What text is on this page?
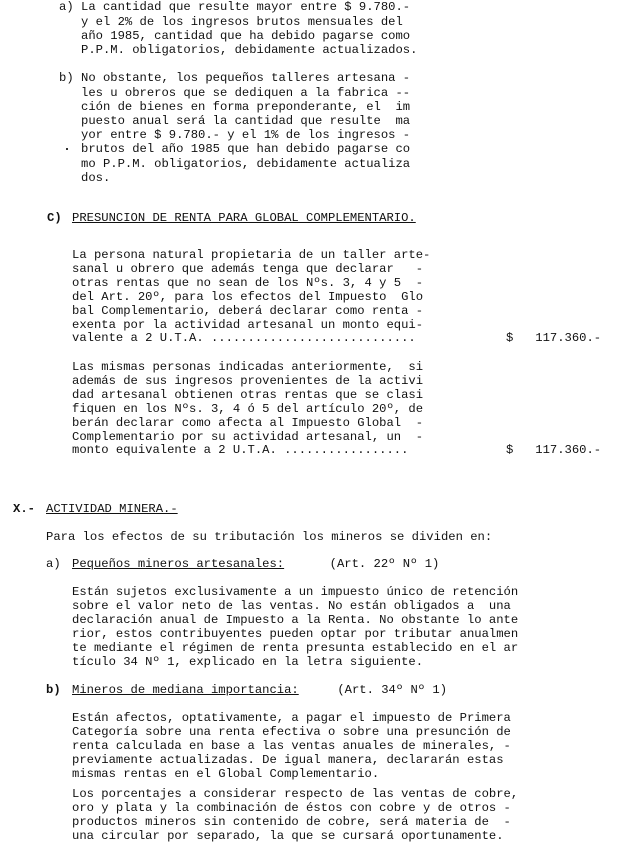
a) La cantidad que resulte mayor entre $ 9.780.-
y el 2% de los ingresos brutos mensuales del
año 1985, cantidad que ha debido pagarse como
P.P.M. obligatorios, debidamente actualizados.
b) No obstante, los pequeños talleres artesana -
les u obreros que se dediquen a la fabrica --
ción de bienes en forma preponderante, el  im
puesto anual será la cantidad que resulte  ma
yor entre $ 9.780.- y el 1% de los ingresos -
brutos del año 1985 que han debido pagarse co
mo P.P.M. obligatorios, debidamente actualiza
dos.
C) PRESUNCION DE RENTA PARA GLOBAL COMPLEMENTARIO.
La persona natural propietaria de un taller arte-
sanal u obrero que además tenga que declarar   -
otras rentas que no sean de los Nºs. 3, 4 y 5  -
del Art. 20º, para los efectos del Impuesto  Glo
bal Complementario, deberá declarar como renta -
exenta por la actividad artesanal un monto equi-
valente a 2 U.T.A. ............................	$   117.360.-
Las mismas personas indicadas anteriormente,  si
además de sus ingresos provenientes de la activi
dad artesanal obtienen otras rentas que se clasi
fiquen en los Nºs. 3, 4 ó 5 del artículo 20º, de
berán declarar como afecta al Impuesto Global  -
Complementario por su actividad artesanal, un  -
monto equivalente a 2 U.T.A. .................	$   117.360.-
X.- ACTIVIDAD MINERA.-
Para los efectos de su tributación los mineros se dividen en:
a) Pequeños mineros artesanales:	(Art. 22º Nº 1)
Están sujetos exclusivamente a un impuesto único de retención
sobre el valor neto de las ventas. No están obligados a  una
declaración anual de Impuesto a la Renta. No obstante lo ante
rior, estos contribuyentes pueden optar por tributar anualmen
te mediante el régimen de renta presunta establecido en el ar
tículo 34 Nº 1, explicado en la letra siguiente.
b) Mineros de mediana importancia:	(Art. 34º Nº 1)
Están afectos, optativamente, a pagar el impuesto de Primera
Categoría sobre una renta efectiva o sobre una presunción de
renta calculada en base a las ventas anuales de minerales, -
previamente actualizadas. De igual manera, declararán estas
mismas rentas en el Global Complementario.
Los porcentajes a considerar respecto de las ventas de cobre,
oro y plata y la combinación de éstos con cobre y de otros -
productos mineros sin contenido de cobre, será materia de  -
una circular por separado, la que se cursará oportunamente.
